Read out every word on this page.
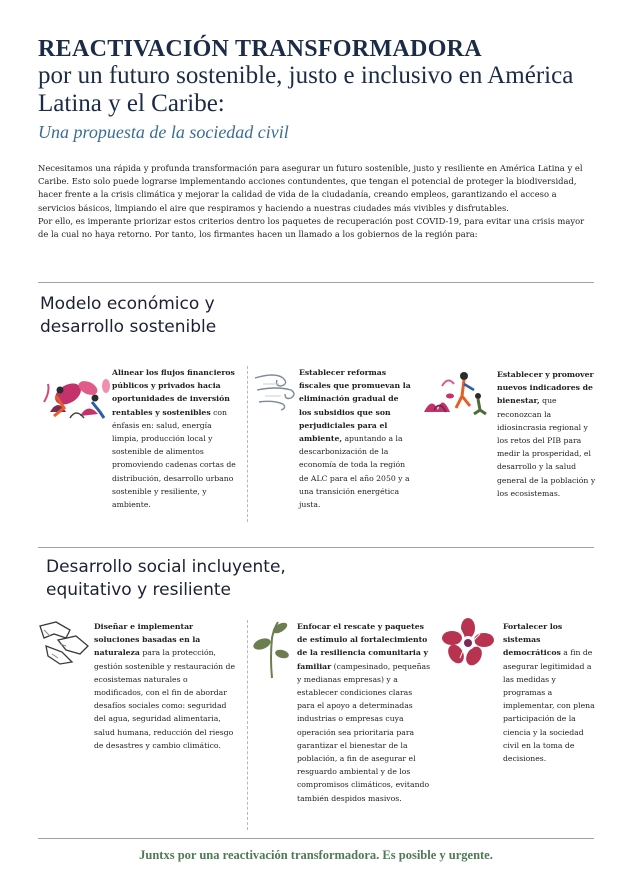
REACTIVACIÓN TRANSFORMADORA
por un futuro sostenible, justo e inclusivo en América Latina y el Caribe:
Una propuesta de la sociedad civil

Necesitamos una rápida y profunda transformación para asegurar un futuro sostenible, justo y resiliente en América Latina y el Caribe. Esto solo puede lograrse implementando acciones contundentes, que tengan el potencial de proteger la biodiversidad, hacer frente a la crisis climática y mejorar la calidad de vida de la ciudadanía, creando empleos, garantizando el acceso a servicios básicos, limpiando el aire que respiramos y haciendo a nuestras ciudades más vivibles y disfrutables.

Por ello, es imperante priorizar estos criterios dentro los paquetes de recuperación post COVID-19, para evitar una crisis mayor de la cual no haya retorno. Por tanto, los firmantes hacen un llamado a los gobiernos de la región para:

Modelo económico y
desarrollo sostenible
Alinear los flujos financieros públicos y privados hacia oportunidades de inversión rentables y sostenibles con énfasis en: salud, energía limpia, producción local y sostenible de alimentos promoviendo cadenas cortas de distribución, desarrollo urbano sostenible y resiliente, y ambiente.
Establecer reformas fiscales que promuevan la eliminación gradual de los subsidios que son perjudiciales para el ambiente, apuntando a la descarbonización de la economía de toda la región de ALC para el año 2050 y a una transición energética justa.
Establecer y promover nuevos indicadores de bienestar, que reconozcan la idiosincrasia regional y los retos del PIB para medir la prosperidad, el desarrollo y la salud general de la población y los ecosistemas.
Desarrollo social incluyente,
equitativo y resiliente
Diseñar e implementar soluciones basadas en la naturaleza para la protección, gestión sostenible y restauración de ecosistemas naturales o modificados, con el fin de abordar desafíos sociales como: seguridad del agua, seguridad alimentaria, salud humana, reducción del riesgo de desastres y cambio climático.
Enfocar el rescate y paquetes de estímulo al fortalecimiento de la resiliencia comunitaria y familiar (campesinado, pequeñas y medianas empresas) y a establecer condiciones claras para el apoyo a determinadas industrias o empresas cuya operación sea prioritaria para garantizar el bienestar de la población, a fin de asegurar el resguardo ambiental y de los compromisos climáticos, evitando también despidos masivos.
Fortalecer los sistemas democráticos a fin de asegurar legitimidad a las medidas y programas a implementar, con plena participación de la ciencia y la sociedad civil en la toma de decisiones.
Juntxs por una reactivación transformadora. Es posible y urgente.
